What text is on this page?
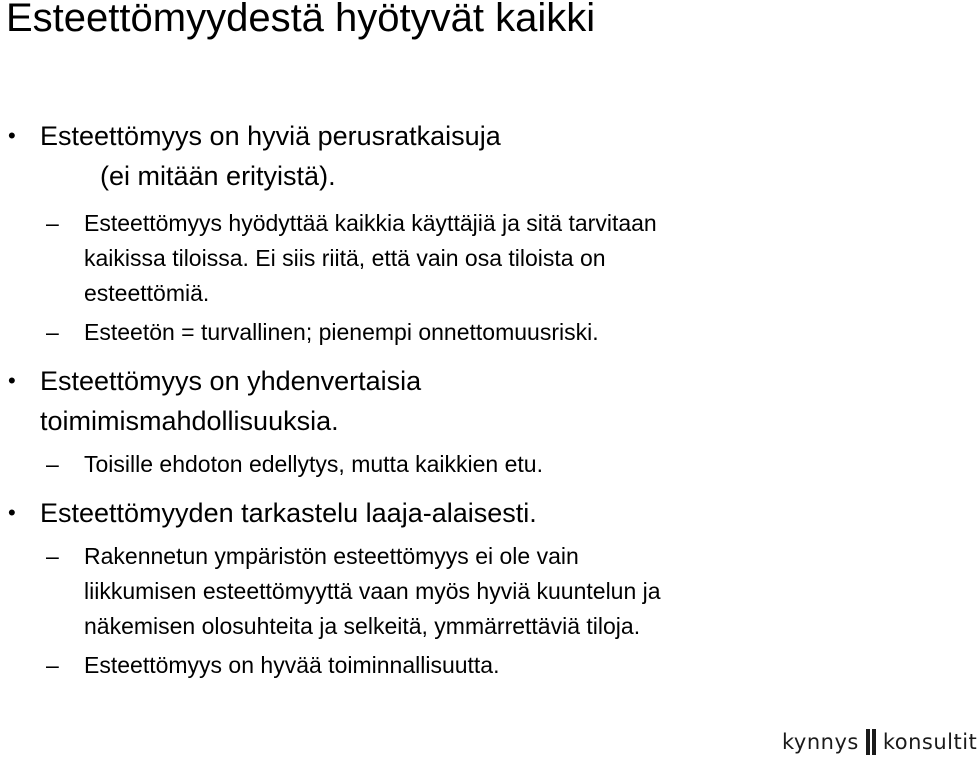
Esteettömyydestä hyötyvät kaikki
• Esteettömyys on hyviä perusratkaisuja
(ei mitään erityistä).
– Esteettömyys hyödyttää kaikkia käyttäjiä ja sitä tarvitaan
kaikissa tiloissa. Ei siis riitä, että vain osa tiloista on
esteettömiä.
– Esteetön = turvallinen; pienempi onnettomuusriski.
• Esteettömyys on yhdenvertaisia
toimimismahdollisuuksia.
– Toisille ehdoton edellytys, mutta kaikkien etu.
• Esteettömyyden tarkastelu laaja-alaisesti.
– Rakennetun ympäristön esteettömyys ei ole vain
liikkumisen esteettömyyttä vaan myös hyviä kuuntelun ja
näkemisen olosuhteita ja selkeitä, ymmärrettäviä tiloja.
– Esteettömyys on hyvää toiminnallisuutta.
kynnys konsultit
